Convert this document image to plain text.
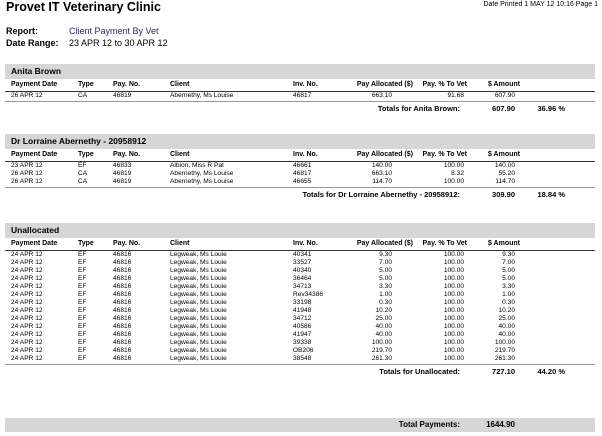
Provet IT Veterinary Clinic	Date Printed 1 MAY 12 10:16 Page 1
Report:	Client Payment By Vet
Date Range: 23 APR 12 to 30 APR 12
Anita Brown
Payment Date	Type	Pay. No.	Client	Inv. No.	Pay Allocated ($) Pay. % To Vet	$ Amount
26 APR 12	CA	46819	Abernethy, Ms Louise	46817	663.10	91.68	607.90
Totals for Anita Brown:	607.90	36.96 %
Dr Lorraine Abernethy - 20958912
Payment Date	Type	Pay. No.	Client	Inv. No.	Pay Allocated ($) Pay. % To Vet	$ Amount
23 APR 12	EF	46833	Albion, Miss R Pat	46661	140.00	100.00	140.00
26 APR 12	CA	46819	Abernethy, Ms Louise	46817	663.10	8.32	55.20
26 APR 12	CA	46819	Abernethy, Ms Louise	46655	114.70	100.00	114.70
Totals for Dr Lorraine Abernethy - 20958912:	309.90	18.84 %
Unallocated
Payment Date	Type	Pay. No.	Client	Inv. No.	Pay Allocated ($) Pay. % To Vet	$ Amount
24 APR 12	EF	46816	Legweak, Ms Louie	40341	9.30	100.00	9.30
24 APR 12	EF	46816	Legweak, Ms Louie	33527	7.00	100.00	7.00
24 APR 12	EF	46816	Legweak, Ms Louie	40340	5.00	100.00	5.00
24 APR 12	EF	46816	Legweak, Ms Louie	36464	5.00	100.00	5.00
24 APR 12	EF	46816	Legweak, Ms Louie	34713	3.30	100.00	3.30
24 APR 12	EF	46816	Legweak, Ms Louie	Rev34386	1.00	100.00	1.00
24 APR 12	EF	46816	Legweak, Ms Louie	33198	0.30	100.00	0.30
24 APR 12	EF	46816	Legweak, Ms Louie	41948	10.20	100.00	10.20
24 APR 12	EF	46816	Legweak, Ms Louie	34712	25.00	100.00	25.00
24 APR 12	EF	46816	Legweak, Ms Louie	40586	40.00	100.00	40.00
24 APR 12	EF	46816	Legweak, Ms Louie	41947	40.00	100.00	40.00
24 APR 12	EF	46816	Legweak, Ms Louie	39338	100.00	100.00	100.00
24 APR 12	EF	46816	Legweak, Ms Louie	OB206	219.70	100.00	219.70
24 APR 12	EF	46816	Legweak, Ms Louie	38548	261.30	100.00	261.30
Totals for Unallocated:	727.10	44.20 %
Total Payments:	1644.90
